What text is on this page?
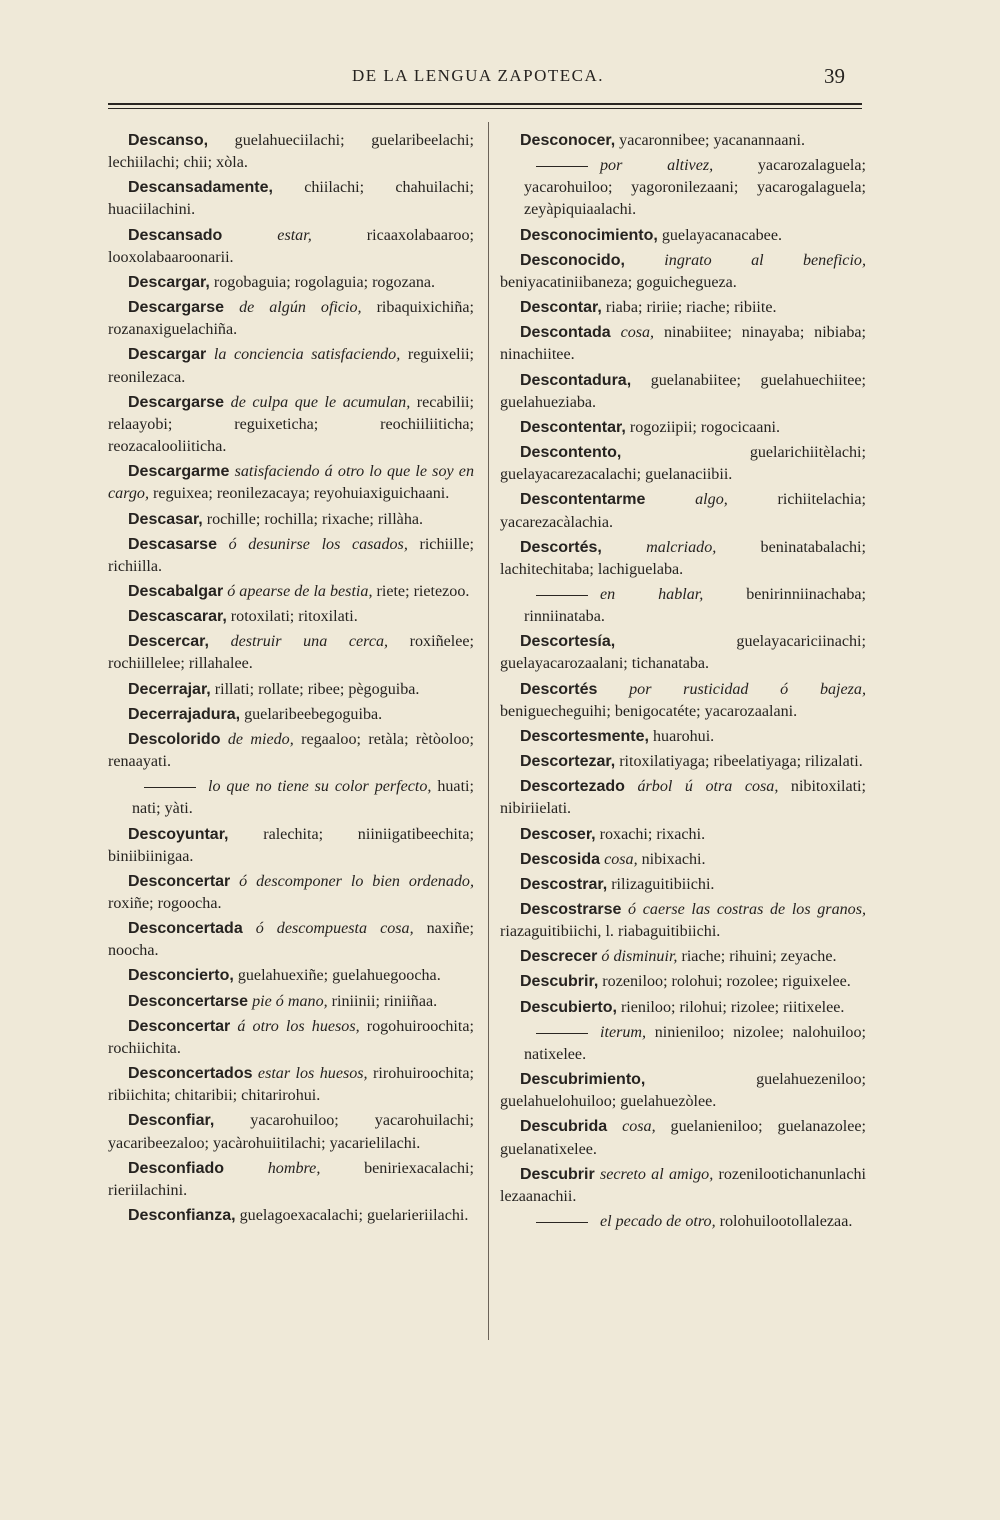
DE LA LENGUA ZAPOTECA.	39

Descanso, guelahueciilachi; guelaribeelachi; lechiilachi; chii; xòla.

Descansadamente, chiilachi; chahuilachi; huaciilachini.

Descansado estar, ricaaxolabaaroo; looxolabaaroonarii.

Descargar, rogobaguia; rogolaguia; rogozana.

Descargarse de algún oficio, ribaquixichiña; rozanaxiguelachiña.

Descargar la conciencia satisfaciendo, reguixelii; reonilezaca.

Descargarse de culpa que le acumulan, recabilii; relaayobi; reguixeticha; reochiiliiticha; reozacalooliiticha.

Descargarme satisfaciendo á otro lo que le soy en cargo, reguixea; reonilezacaya; reyohuiaxiguichaani.

Descasar, rochille; rochilla; rixache; rillàha.

Descasarse ó desunirse los casados, richiille; richiilla.

Descabalgar ó apearse de la bestia, riete; rietezoo.

Descascarar, rotoxilati; ritoxilati.

Descercar, destruir una cerca, roxiñelee; rochiillelee; rillahalee.

Decerrajar, rillati; rollate; ribee; pègoguiba.

Decerrajadura, guelaribeebegoguiba.

Descolorido de miedo, regaaloo; retàla; rètòoloo; renaayati.

lo que no tiene su color perfecto, huati; nati; yàti.

Descoyuntar, ralechita; niiniigatibeechita; biniibiinigaa.

Desconcertar ó descomponer lo bien ordenado, roxiñe; rogoocha.

Desconcertada ó descompuesta cosa, naxiñe; noocha.

Desconcierto, guelahuexiñe; guelahuegoocha.

Desconcertarse pie ó mano, riniinii; riniiñaa.

Desconcertar á otro los huesos, rogohuiroochita; rochiichita.

Desconcertados estar los huesos, rirohuiroochita; ribiichita; chitaribii; chitarirohui.

Desconfiar, yacarohuiloo; yacarohuilachi; yacaribeezaloo; yacàrohuiitilachi; yacarielilachi.

Desconfiado hombre, beniriexacalachi; rieriilachini.

Desconfianza, guelagoexacalachi; guelarieriilachi.

Desconocer, yacaronnibee; yacanannaani.

por altivez, yacarozalaguela; yacarohuiloo; yagoronilezaani; yacarogalaguela; zeyàpiquiaalachi.

Desconocimiento, guelayacanacabee.

Desconocido, ingrato al beneficio, beniyacatiniibaneza; goguichegueza.

Descontar, riaba; ririie; riache; ribiite.

Descontada cosa, ninabiitee; ninayaba; nibiaba; ninachiitee.

Descontadura, guelanabiitee; guelahuechiitee; guelahueziaba.

Descontentar, rogoziipii; rogocicaani.

Descontento, guelarichiitèlachi; guelayacarezacalachi; guelanaciibii.

Descontentarme algo, richiitelachia; yacarezacàlachia.

Descortés, malcriado, beninatabalachi; lachitechitaba; lachiguelaba.

en hablar, benirinniinachaba; rinniinataba.

Descortesía, guelayacariciinachi; guelayacarozaalani; tichanataba.

Descortés por rusticidad ó bajeza, beniguecheguihi; benigocatéte; yacarozaalani.

Descortesmente, huarohui.

Descortezar, ritoxilatiyaga; ribeelatiyaga; rilizalati.

Descortezado árbol ú otra cosa, nibitoxilati; nibiriielati.

Descoser, roxachi; rixachi.

Descosida cosa, nibixachi.

Descostrar, rilizaguitibiichi.

Descostrarse ó caerse las costras de los granos, riazaguitibiichi, l. riabaguitibiichi.

Descrecer ó disminuir, riache; rihuini; zeyache.

Descubrir, rozeniloo; rolohui; rozolee; riguixelee.

Descubierto, rieniloo; rilohui; rizolee; riitixelee.

iterum, ninieniloo; nizolee; nalohuiloo; natixelee.

Descubrimiento, guelahuezeniloo; guelahuelohuiloo; guelahuezòlee.

Descubrida cosa, guelanieniloo; guelanazolee; guelanatixelee.

Descubrir secreto al amigo, rozenilootichanunlachi lezaanachii.

el pecado de otro, rolohuilootollalezaa.
